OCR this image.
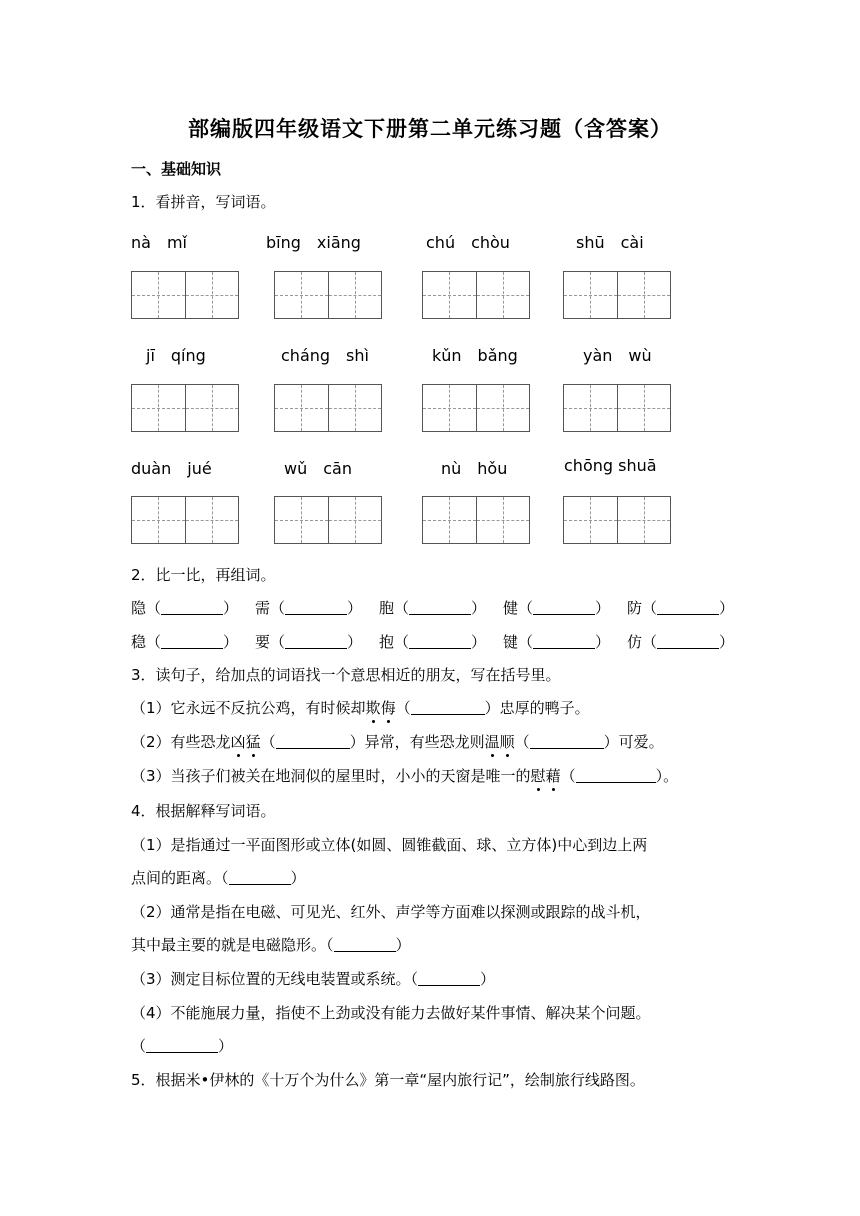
部编版四年级语文下册第二单元练习题（含答案）
一、基础知识
1．看拼音，写词语。
nà　mǐ	bīng　xiāng	chú　chòu	shū　cài
jī　qíng	cháng　shì	kǔn　bǎng	yàn　wù
duàn　jué	wǔ　cān	nù　hǒu	chōng shuā
2．比一比，再组词。
隐（	）	需（	）	胞（	）	健（	）	防（	）
稳（	）	要（	）	抱（	）	键（	）	仿（	）
3．读句子，给加点的词语找一个意思相近的朋友，写在括号里。
（1）它永远不反抗公鸡，有时候却欺侮（	）忠厚的鸭子。
（2）有些恐龙凶猛（	）异常，有些恐龙则温顺（	）可爱。
（3）当孩子们被关在地洞似的屋里时，小小的天窗是唯一的慰藉（	）。
4．根据解释写词语。
（1）是指通过一平面图形或立体(如圆、圆锥截面、球、立方体)中心到边上两
点间的距离。（	）
（2）通常是指在电磁、可见光、红外、声学等方面难以探测或跟踪的战斗机，
其中最主要的就是电磁隐形。（	）
（3）测定目标位置的无线电装置或系统。（	）
（4）不能施展力量，指使不上劲或没有能力去做好某件事情、解决某个问题。
（	）
5．根据米•伊林的《十万个为什么》第一章“屋内旅行记”，绘制旅行线路图。
